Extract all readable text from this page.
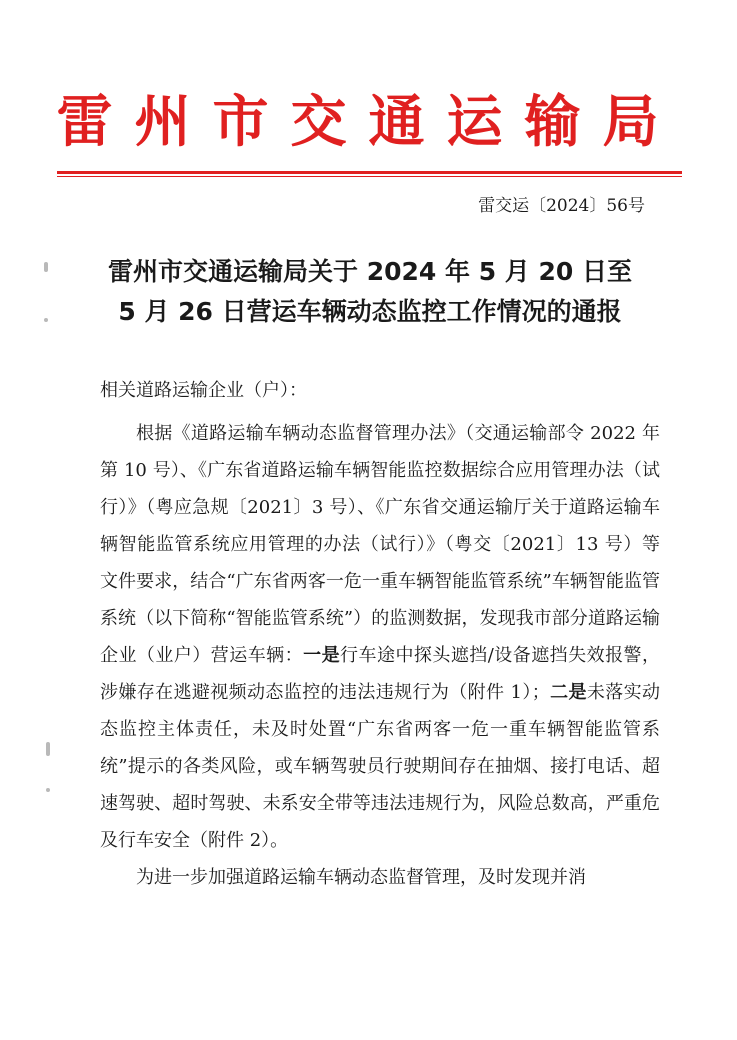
雷州市交通运输局
雷交运〔2024〕56号
雷州市交通运输局关于 2024 年 5 月 20 日至
5 月 26 日营运车辆动态监控工作情况的通报

相关道路运输企业（户）：

根据《道路运输车辆动态监督管理办法》（交通运输部令 2022 年第 10 号）、《广东省道路运输车辆智能监控数据综合应用管理办法（试行）》（粤应急规〔2021〕3 号）、《广东省交通运输厅关于道路运输车辆智能监管系统应用管理的办法（试行）》（粤交〔2021〕13 号）等文件要求，结合“广东省两客一危一重车辆智能监管系统”车辆智能监管系统（以下简称“智能监管系统”）的监测数据，发现我市部分道路运输企业（业户）营运车辆：一是行车途中探头遮挡/设备遮挡失效报警，涉嫌存在逃避视频动态监控的违法违规行为（附件 1）；二是未落实动态监控主体责任，未及时处置“广东省两客一危一重车辆智能监管系统”提示的各类风险，或车辆驾驶员行驶期间存在抽烟、接打电话、超速驾驶、超时驾驶、未系安全带等违法违规行为，风险总数高，严重危及行车安全（附件 2）。

为进一步加强道路运输车辆动态监督管理，及时发现并消
